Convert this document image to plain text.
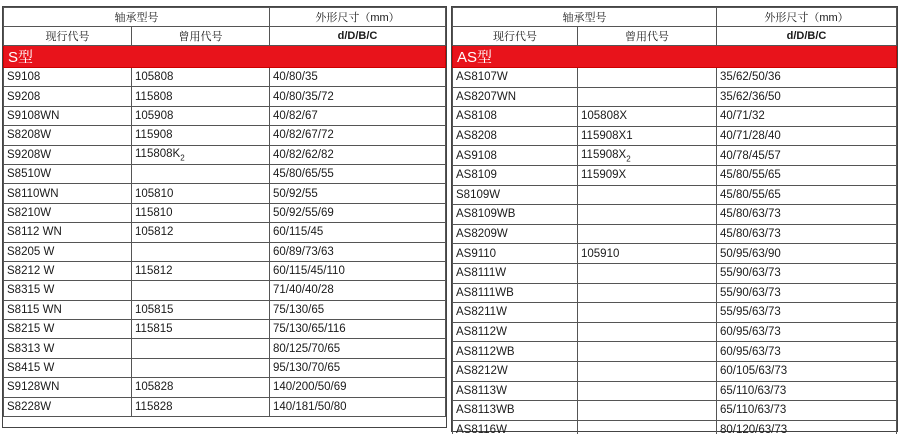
轴承型号		外形尺寸（mm）
现行代号	曾用代号	d/D/B/C
S型		
S9108	105808	40/80/35
S9208	115808	40/80/35/72
S9108WN	105908	40/82/67
S8208W	115908	40/82/67/72
S9208W	$115808K_2$	40/82/62/82
S8510W		45/80/65/55
S8110WN	105810	50/92/55
S8210W	115810	50/92/55/69
S8112 WN	105812	60/115/45
S8205 W		60/89/73/63
S8212 W	115812	60/115/45/110
S8315 W		71/40/40/28
S8115 WN	105815	75/130/65
S8215 W	115815	75/130/65/116
S8313 W		80/125/70/65
S8415 W		95/130/70/65
S9128WN	105828	140/200/50/69
S8228W	115828	140/181/50/80
轴承型号		外形尺寸（mm）
现行代号	曾用代号	d/D/B/C
AS型		
AS8107W		35/62/50/36
AS8207WN		35/62/36/50
AS8108	105808X	40/71/32
AS8208	115908X1	40/71/28/40
AS9108	$115908X_2$	40/78/45/57
AS8109	115909X	45/80/55/65
S8109W		45/80/55/65
AS8109WB		45/80/63/73
AS8209W		45/80/63/73
AS9110	105910	50/95/63/90
AS8111W		55/90/63/73
AS8111WB		55/90/63/73
AS8211W		55/95/63/73
AS8112W		60/95/63/73
AS8112WB		60/95/63/73
AS8212W		60/105/63/73
AS8113W		65/110/63/73
AS8113WB		65/110/63/73
AS8116W		80/120/63/73
